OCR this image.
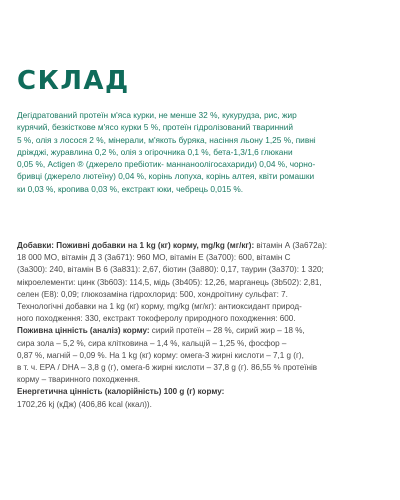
СКЛАД

Дегідратований протеїн м'яса курки, не менше 32 %, кукурудза, рис, жир
курячий, безкісткове м'ясо курки 5 %, протеїн гідролізований тваринний
5 %, олія з лосося 2 %, мінерали, м'якоть буряка, насіння льону 1,25 %, пивні
дріжджі, журавлина 0,2 %, олія з огірочника 0,1 %, бета-1,3/1,6 глюкани
0,05 %, Actigen ® (джерело пребіотик- маннаноолігосахариди) 0,04 %, чорно-
бривці (джерело лютеїну) 0,04 %, корінь лопуха, корінь алтея, квіти ромашки
ки 0,03 %, кропива 0,03 %, екстракт юки, чебрець 0,015 %.

Добавки: Поживні добавки на 1 kg (кг) корму, mg/kg (мг/кг): вітамін А (3a672a):
18 000 МО, вітамін Д 3 (3a671): 960 МО, вітамін Е (3a700): 600, вітамін С
(3a300): 240, вітамін В 6 (3a831): 2,67, біотин (3a880): 0,17, таурин (3a370): 1 320;
мікроелементи: цинк (3b603): 114,5, мідь (3b405): 12,26, марганець (3b502): 2,81,
селен (Е8): 0,09; глюкозаміна гідрохлорид: 500, хондроітину сульфат: 7.
Технологічні добавки на 1 kg (кг) корму, mg/kg (мг/кг): антиоксидант природ-
ного походження: 330, екстракт токоферолу природного походження: 600.
Поживна цінність (аналіз) корму: сирий протеїн – 28 %, сирий жир – 18 %,
сира зола – 5,2 %, сира клітковина – 1,4 %, кальцій – 1,25 %, фосфор –
0,87 %, магній – 0,09 %. На 1 kg (кг) корму: омега-3 жирні кислоти – 7,1 g (г),
в т. ч. ЕРА / DHA – 3,8 g (г), омега-6 жирні кислоти – 37,8 g (г). 86,55 % протеїнів
корму – тваринного походження.
Енергетична цінність (калорійність) 100 g (г) корму:
1702,26 kj (кДж) (406,86 kcal (ккал)).
